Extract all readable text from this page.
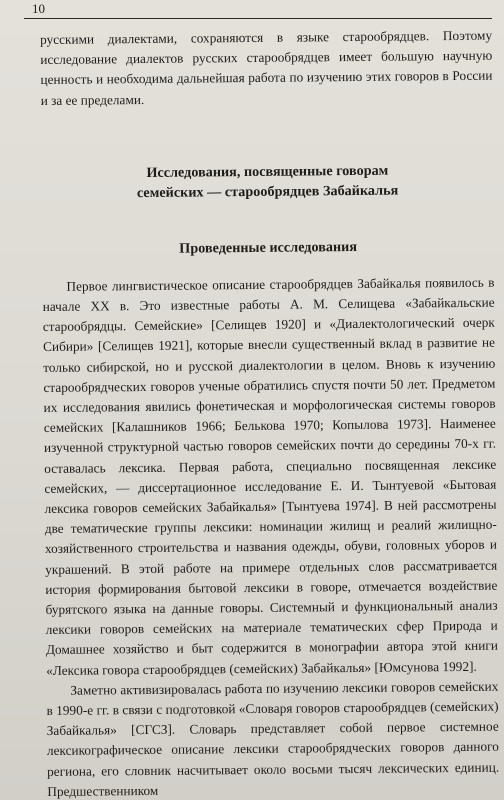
10

русскими диалектами, сохраняются в языке старообрядцев. Поэтому исследование диалектов русских старообрядцев имеет большую научную ценность и необходима дальнейшая работа по изучению этих говоров в России и за ее пределами.

Исследования, посвященные говорам
семейских — старообрядцев Забайкалья
Проведенные исследования

Первое лингвистическое описание старообрядцев Забайкалья появилось в начале XX в. Это известные работы А. М. Селищева «Забайкальские старообрядцы. Семейские» [Селищев 1920] и «Диалектологический очерк Сибири» [Селищев 1921], которые внесли существенный вклад в развитие не только сибирской, но и русской диалектологии в целом. Вновь к изучению старообрядческих говоров ученые обратились спустя почти 50 лет. Предметом их исследования явились фонетическая и морфологическая системы говоров семейских [Калашников 1966; Белькова 1970; Копылова 1973]. Наименее изученной структурной частью говоров семейских почти до середины 70-х гг. оставалась лексика. Первая работа, специально посвященная лексике семейских, — диссертационное исследование Е. И. Тынтуевой «Бытовая лексика говоров семейских Забайкалья» [Тынтуева 1974]. В ней рассмотрены две тематические группы лексики: номинации жилищ и реалий жилищно-хозяйственного строительства и названия одежды, обуви, головных уборов и украшений. В этой работе на примере отдельных слов рассматривается история формирования бытовой лексики в говоре, отмечается воздействие бурятского языка на данные говоры. Системный и функциональный анализ лексики говоров семейских на материале тематических сфер Природа и Домашнее хозяйство и быт содержится в монографии автора этой книги «Лексика говора старообрядцев (семейских) Забайкалья» [Юмсунова 1992].

Заметно активизировалась работа по изучению лексики говоров семейских в 1990-е гг. в связи с подготовкой «Словаря говоров старообрядцев (семейских) Забайкалья» [СГСЗ]. Словарь представляет собой первое системное лексикографическое описание лексики старообрядческих говоров данного региона, его словник насчитывает около восьми тысяч лексических единиц. Предшественником
